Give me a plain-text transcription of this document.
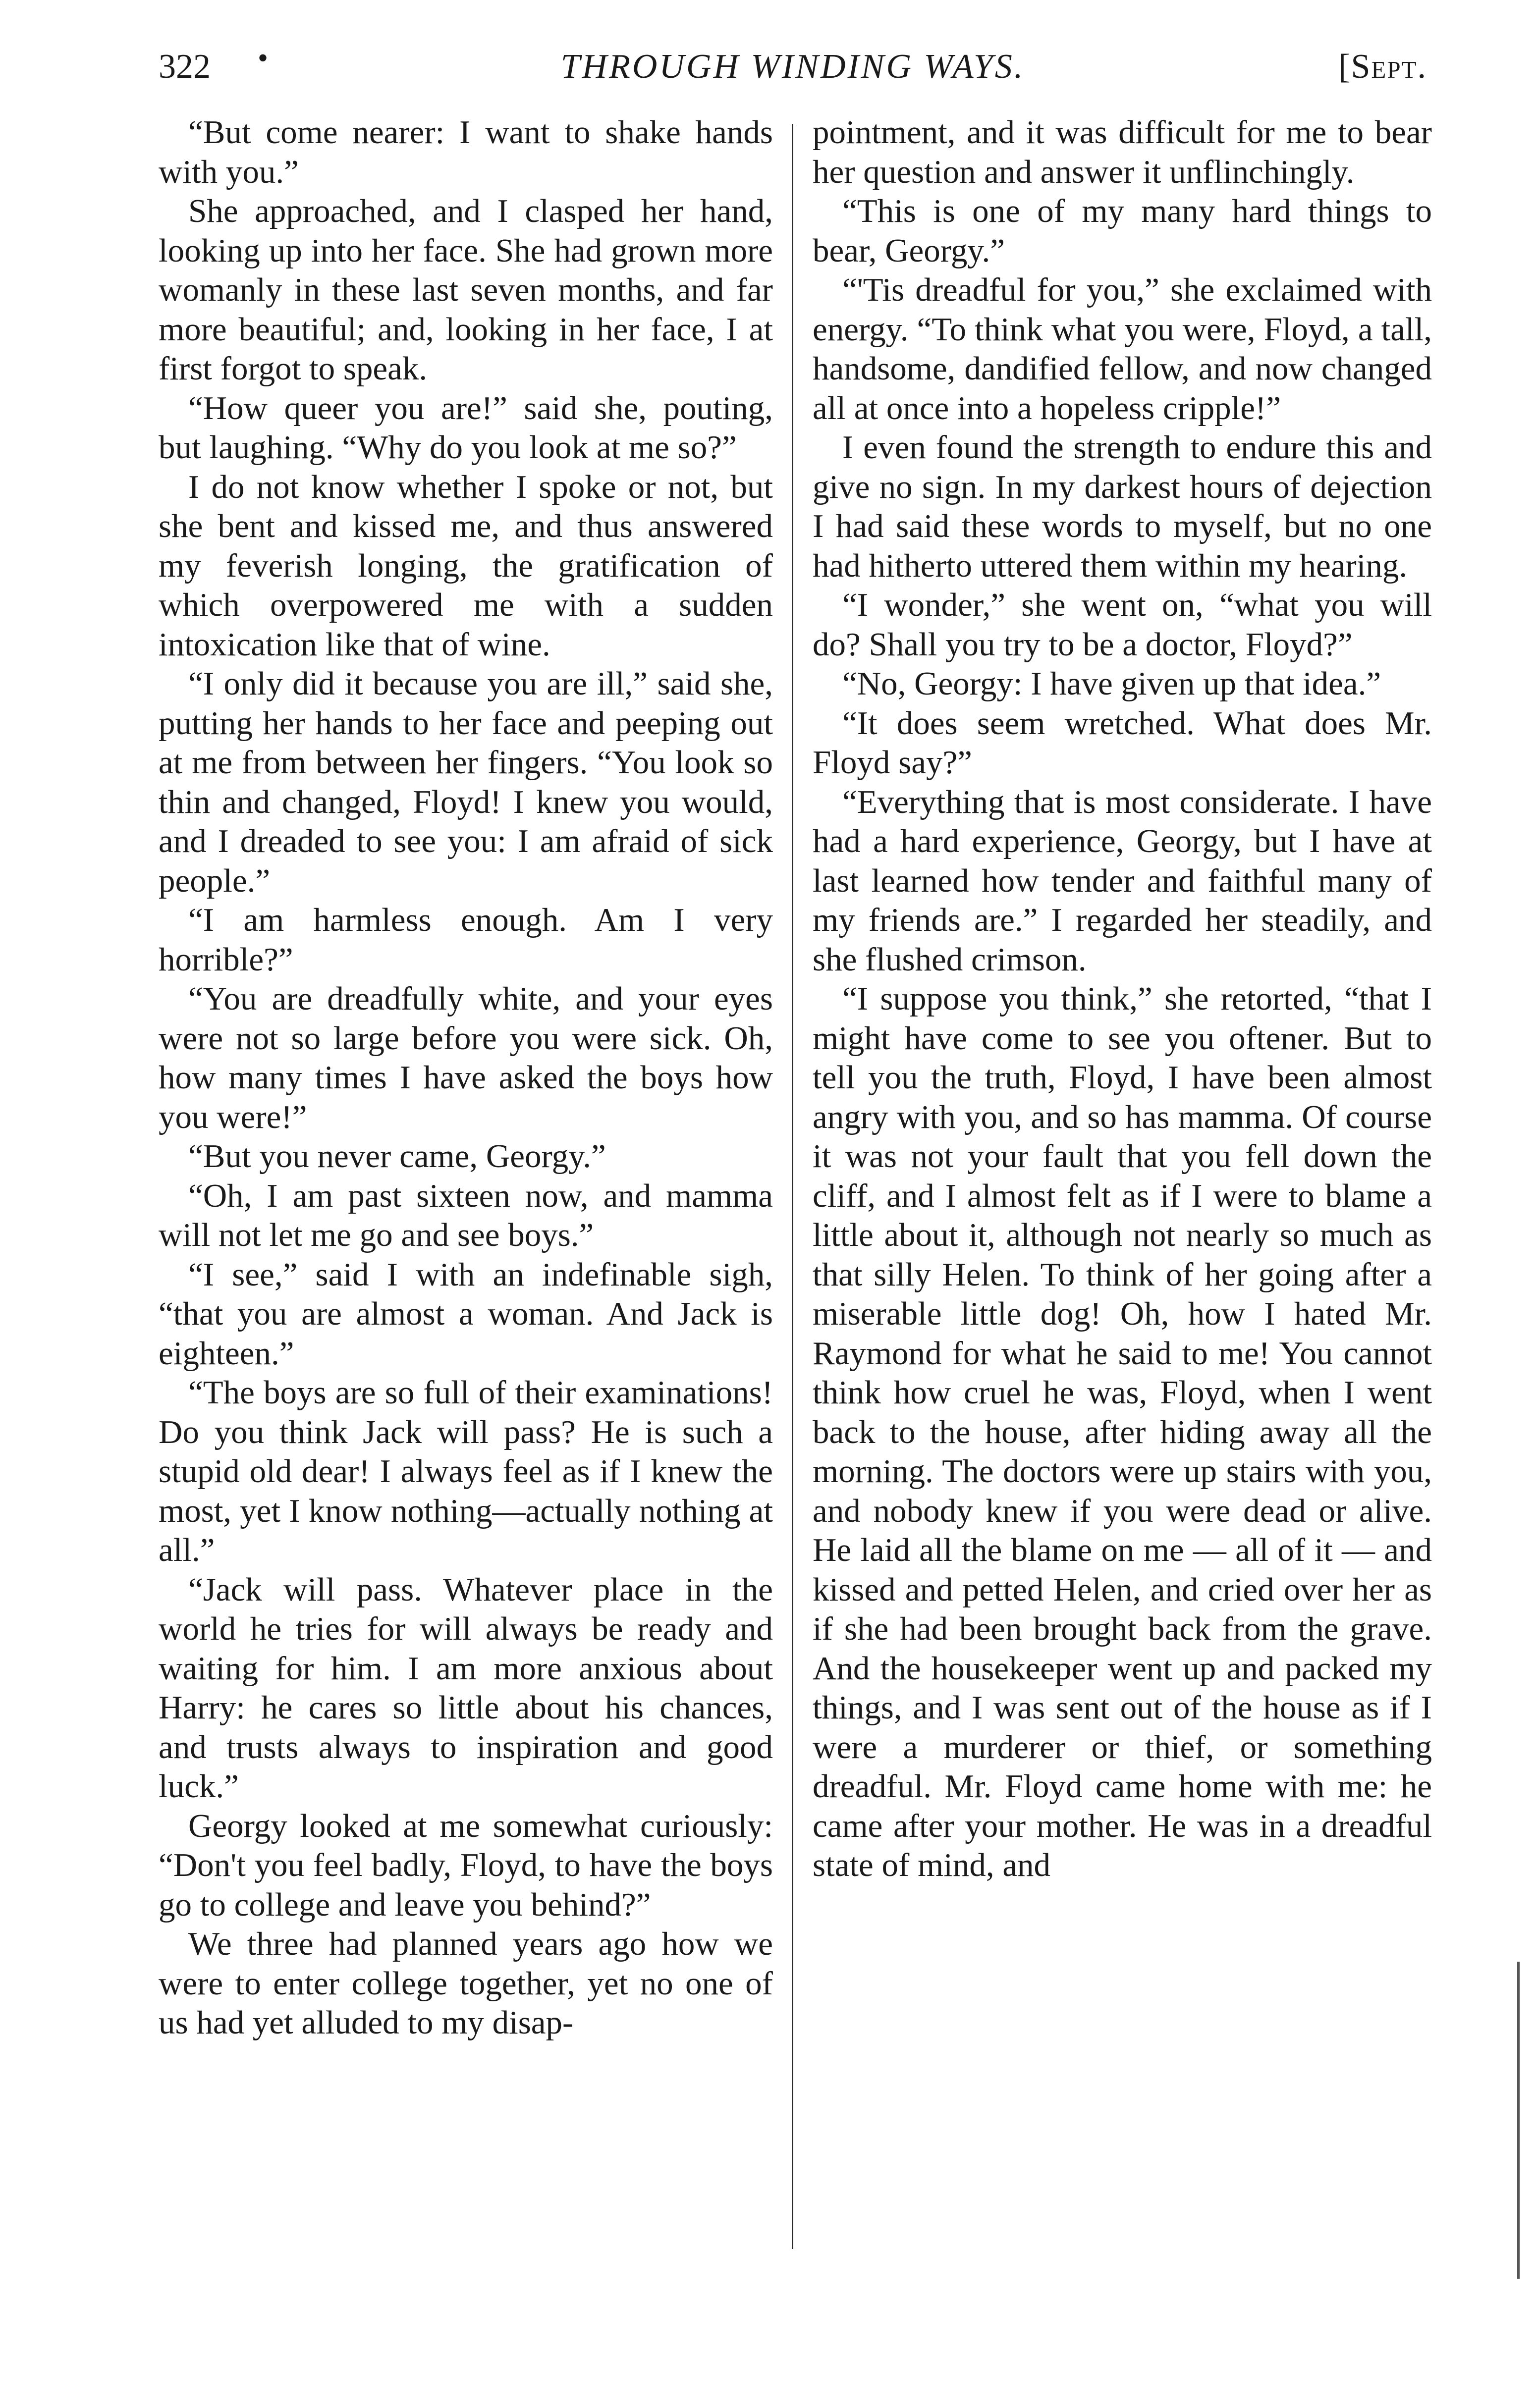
322 •	THROUGH WINDING WAYS.	[Sept.

“But come nearer: I want to shake hands with you.”

She approached, and I clasped her hand, looking up into her face. She had grown more womanly in these last seven months, and far more beautiful; and, looking in her face, I at first forgot to speak.

“How queer you are!” said she, pouting, but laughing. “Why do you look at me so?”

I do not know whether I spoke or not, but she bent and kissed me, and thus answered my feverish longing, the gratification of which overpowered me with a sudden intoxication like that of wine.

“I only did it because you are ill,” said she, putting her hands to her face and peeping out at me from between her fingers. “You look so thin and changed, Floyd! I knew you would, and I dreaded to see you: I am afraid of sick people.”

“I am harmless enough. Am I very horrible?”

“You are dreadfully white, and your eyes were not so large before you were sick. Oh, how many times I have asked the boys how you were!”

“But you never came, Georgy.”

“Oh, I am past sixteen now, and mamma will not let me go and see boys.”

“I see,” said I with an indefinable sigh, “that you are almost a woman. And Jack is eighteen.”

“The boys are so full of their examinations! Do you think Jack will pass? He is such a stupid old dear! I always feel as if I knew the most, yet I know nothing—actually nothing at all.”

“Jack will pass. Whatever place in the world he tries for will always be ready and waiting for him. I am more anxious about Harry: he cares so little about his chances, and trusts always to inspiration and good luck.”

Georgy looked at me somewhat curiously: “Don't you feel badly, Floyd, to have the boys go to college and leave you behind?”

We three had planned years ago how we were to enter college together, yet no one of us had yet alluded to my disap-

pointment, and it was difficult for me to bear her question and answer it unflinchingly.

“This is one of my many hard things to bear, Georgy.”

“'Tis dreadful for you,” she exclaimed with energy. “To think what you were, Floyd, a tall, handsome, dandified fellow, and now changed all at once into a hopeless cripple!”

I even found the strength to endure this and give no sign. In my darkest hours of dejection I had said these words to myself, but no one had hitherto uttered them within my hearing.

“I wonder,” she went on, “what you will do? Shall you try to be a doctor, Floyd?”

“No, Georgy: I have given up that idea.”

“It does seem wretched. What does Mr. Floyd say?”

“Everything that is most considerate. I have had a hard experience, Georgy, but I have at last learned how tender and faithful many of my friends are.” I regarded her steadily, and she flushed crimson.

“I suppose you think,” she retorted, “that I might have come to see you oftener. But to tell you the truth, Floyd, I have been almost angry with you, and so has mamma. Of course it was not your fault that you fell down the cliff, and I almost felt as if I were to blame a little about it, although not nearly so much as that silly Helen. To think of her going after a miserable little dog! Oh, how I hated Mr. Raymond for what he said to me! You cannot think how cruel he was, Floyd, when I went back to the house, after hiding away all the morning. The doctors were up stairs with you, and nobody knew if you were dead or alive. He laid all the blame on me — all of it — and kissed and petted Helen, and cried over her as if she had been brought back from the grave. And the housekeeper went up and packed my things, and I was sent out of the house as if I were a murderer or thief, or something dreadful. Mr. Floyd came home with me: he came after your mother. He was in a dreadful state of mind, and
